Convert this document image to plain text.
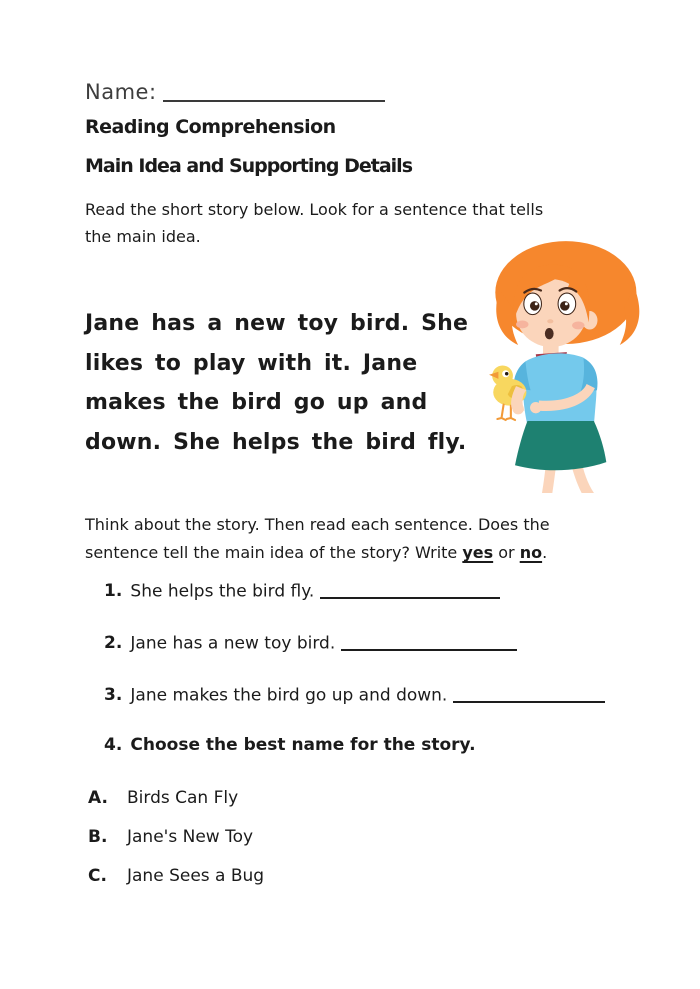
Name:
Reading Comprehension
Main Idea and Supporting Details
Read the short story below. Look for a sentence that tells
the main idea.
Jane has a new toy bird. She
likes to play with it. Jane
makes the bird go up and
down. She helps the bird fly.
Think about the story. Then read each sentence. Does the
sentence tell the main idea of the story? Write yes or no.
1. She helps the bird fly.
2. Jane has a new toy bird.
3. Jane makes the bird go up and down.
4. Choose the best name for the story.
A. Birds Can Fly
B. Jane's New Toy
C. Jane Sees a Bug
